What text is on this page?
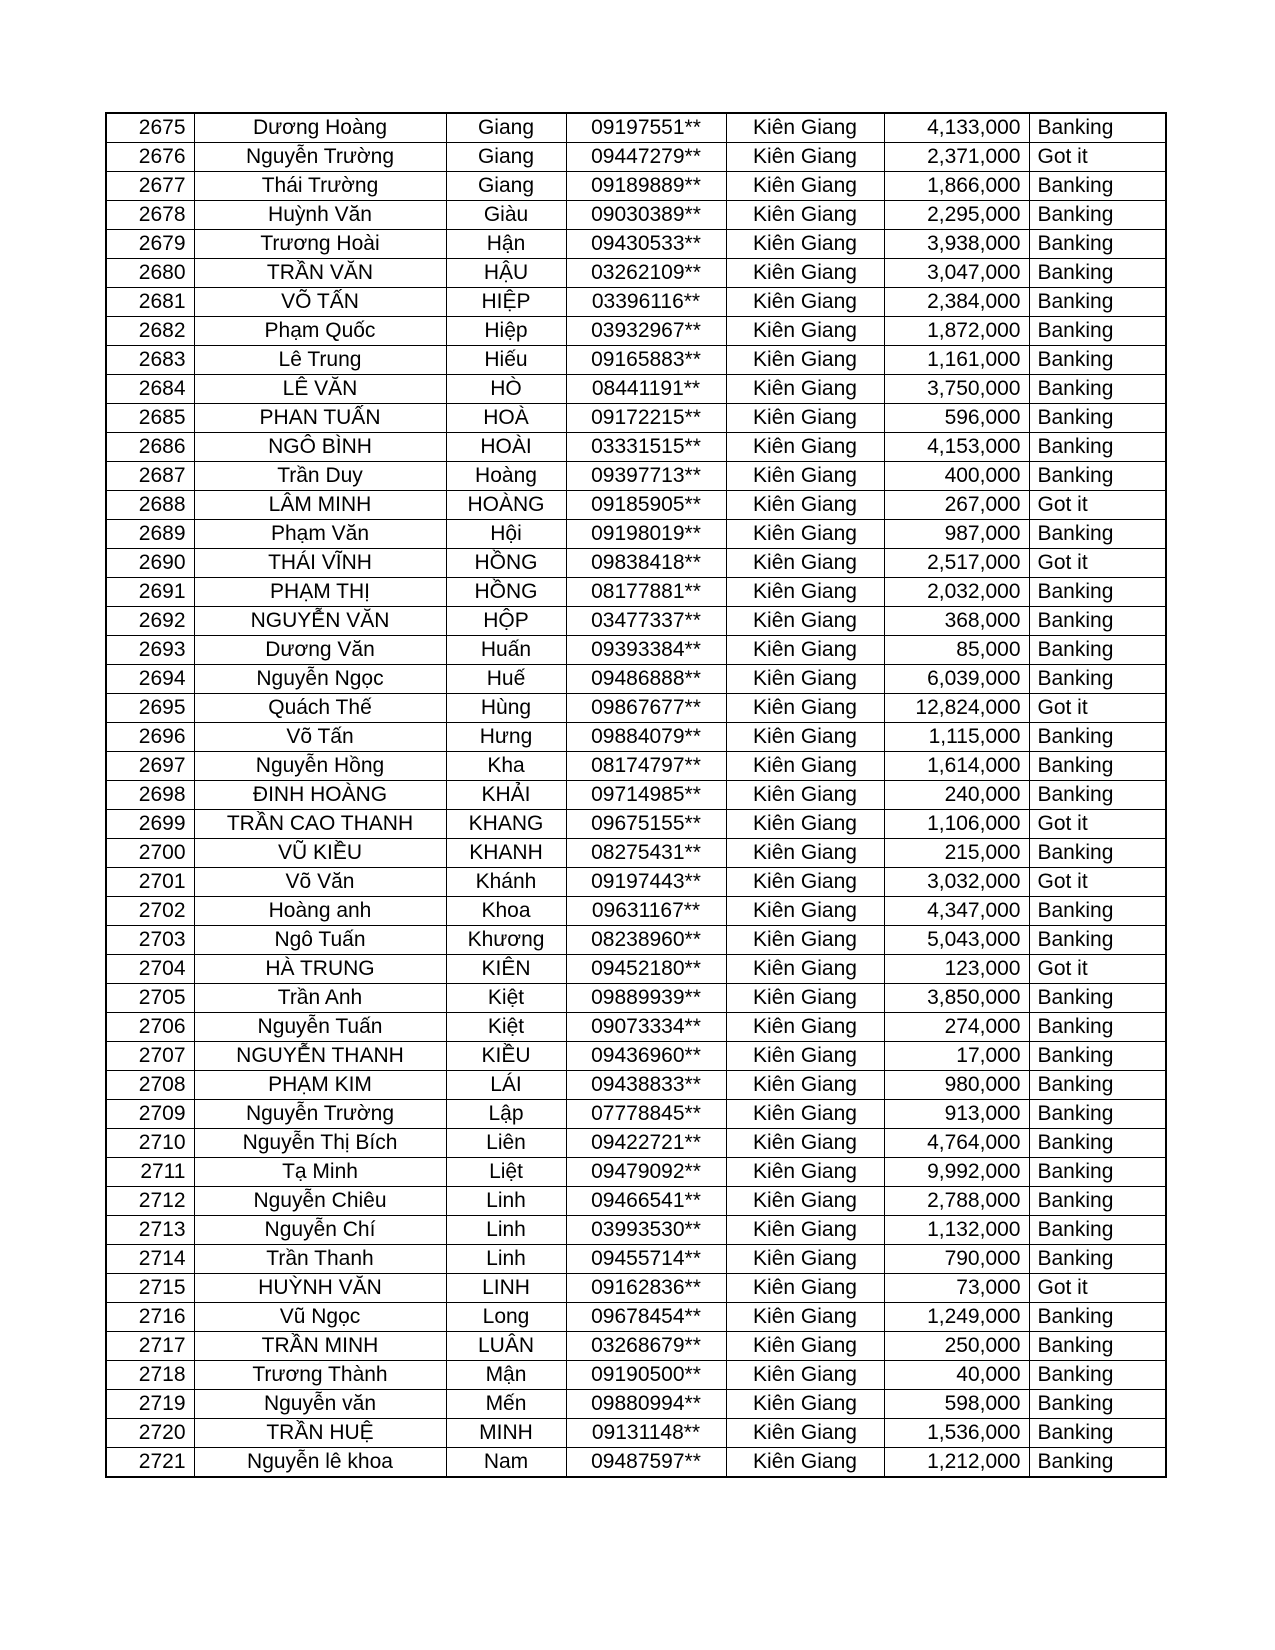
2675	Dương Hoàng	Giang	09197551**	Kiên Giang	4,133,000	Banking
2676	Nguyễn Trường	Giang	09447279**	Kiên Giang	2,371,000	Got it
2677	Thái Trường	Giang	09189889**	Kiên Giang	1,866,000	Banking
2678	Huỳnh Văn	Giàu	09030389**	Kiên Giang	2,295,000	Banking
2679	Trương Hoài	Hận	09430533**	Kiên Giang	3,938,000	Banking
2680	TRẦN VĂN	HẬU	03262109**	Kiên Giang	3,047,000	Banking
2681	VÕ TẤN	HIỆP	03396116**	Kiên Giang	2,384,000	Banking
2682	Phạm Quốc	Hiệp	03932967**	Kiên Giang	1,872,000	Banking
2683	Lê Trung	Hiếu	09165883**	Kiên Giang	1,161,000	Banking
2684	LÊ VĂN	HÒ	08441191**	Kiên Giang	3,750,000	Banking
2685	PHAN TUẤN	HOÀ	09172215**	Kiên Giang	596,000	Banking
2686	NGÔ BÌNH	HOÀI	03331515**	Kiên Giang	4,153,000	Banking
2687	Trần Duy	Hoàng	09397713**	Kiên Giang	400,000	Banking
2688	LÂM MINH	HOÀNG	09185905**	Kiên Giang	267,000	Got it
2689	Phạm Văn	Hội	09198019**	Kiên Giang	987,000	Banking
2690	THÁI VĨNH	HỒNG	09838418**	Kiên Giang	2,517,000	Got it
2691	PHẠM THỊ	HỒNG	08177881**	Kiên Giang	2,032,000	Banking
2692	NGUYỄN VĂN	HỘP	03477337**	Kiên Giang	368,000	Banking
2693	Dương Văn	Huấn	09393384**	Kiên Giang	85,000	Banking
2694	Nguyễn Ngọc	Huế	09486888**	Kiên Giang	6,039,000	Banking
2695	Quách Thế	Hùng	09867677**	Kiên Giang	12,824,000	Got it
2696	Võ Tấn	Hưng	09884079**	Kiên Giang	1,115,000	Banking
2697	Nguyễn Hồng	Kha	08174797**	Kiên Giang	1,614,000	Banking
2698	ĐINH HOÀNG	KHẢI	09714985**	Kiên Giang	240,000	Banking
2699	TRẦN CAO THANH	KHANG	09675155**	Kiên Giang	1,106,000	Got it
2700	VŨ KIỀU	KHANH	08275431**	Kiên Giang	215,000	Banking
2701	Võ Văn	Khánh	09197443**	Kiên Giang	3,032,000	Got it
2702	Hoàng anh	Khoa	09631167**	Kiên Giang	4,347,000	Banking
2703	Ngô Tuấn	Khương	08238960**	Kiên Giang	5,043,000	Banking
2704	HÀ TRUNG	KIÊN	09452180**	Kiên Giang	123,000	Got it
2705	Trần Anh	Kiệt	09889939**	Kiên Giang	3,850,000	Banking
2706	Nguyễn Tuấn	Kiệt	09073334**	Kiên Giang	274,000	Banking
2707	NGUYỄN THANH	KIỀU	09436960**	Kiên Giang	17,000	Banking
2708	PHẠM KIM	LÁI	09438833**	Kiên Giang	980,000	Banking
2709	Nguyễn Trường	Lập	07778845**	Kiên Giang	913,000	Banking
2710	Nguyễn Thị Bích	Liên	09422721**	Kiên Giang	4,764,000	Banking
2711	Tạ Minh	Liệt	09479092**	Kiên Giang	9,992,000	Banking
2712	Nguyễn Chiêu	Linh	09466541**	Kiên Giang	2,788,000	Banking
2713	Nguyễn Chí	Linh	03993530**	Kiên Giang	1,132,000	Banking
2714	Trần Thanh	Linh	09455714**	Kiên Giang	790,000	Banking
2715	HUỲNH VĂN	LINH	09162836**	Kiên Giang	73,000	Got it
2716	Vũ Ngọc	Long	09678454**	Kiên Giang	1,249,000	Banking
2717	TRẦN MINH	LUÂN	03268679**	Kiên Giang	250,000	Banking
2718	Trương Thành	Mận	09190500**	Kiên Giang	40,000	Banking
2719	Nguyễn văn	Mến	09880994**	Kiên Giang	598,000	Banking
2720	TRẦN HUỆ	MINH	09131148**	Kiên Giang	1,536,000	Banking
2721	Nguyễn lê khoa	Nam	09487597**	Kiên Giang	1,212,000	Banking
